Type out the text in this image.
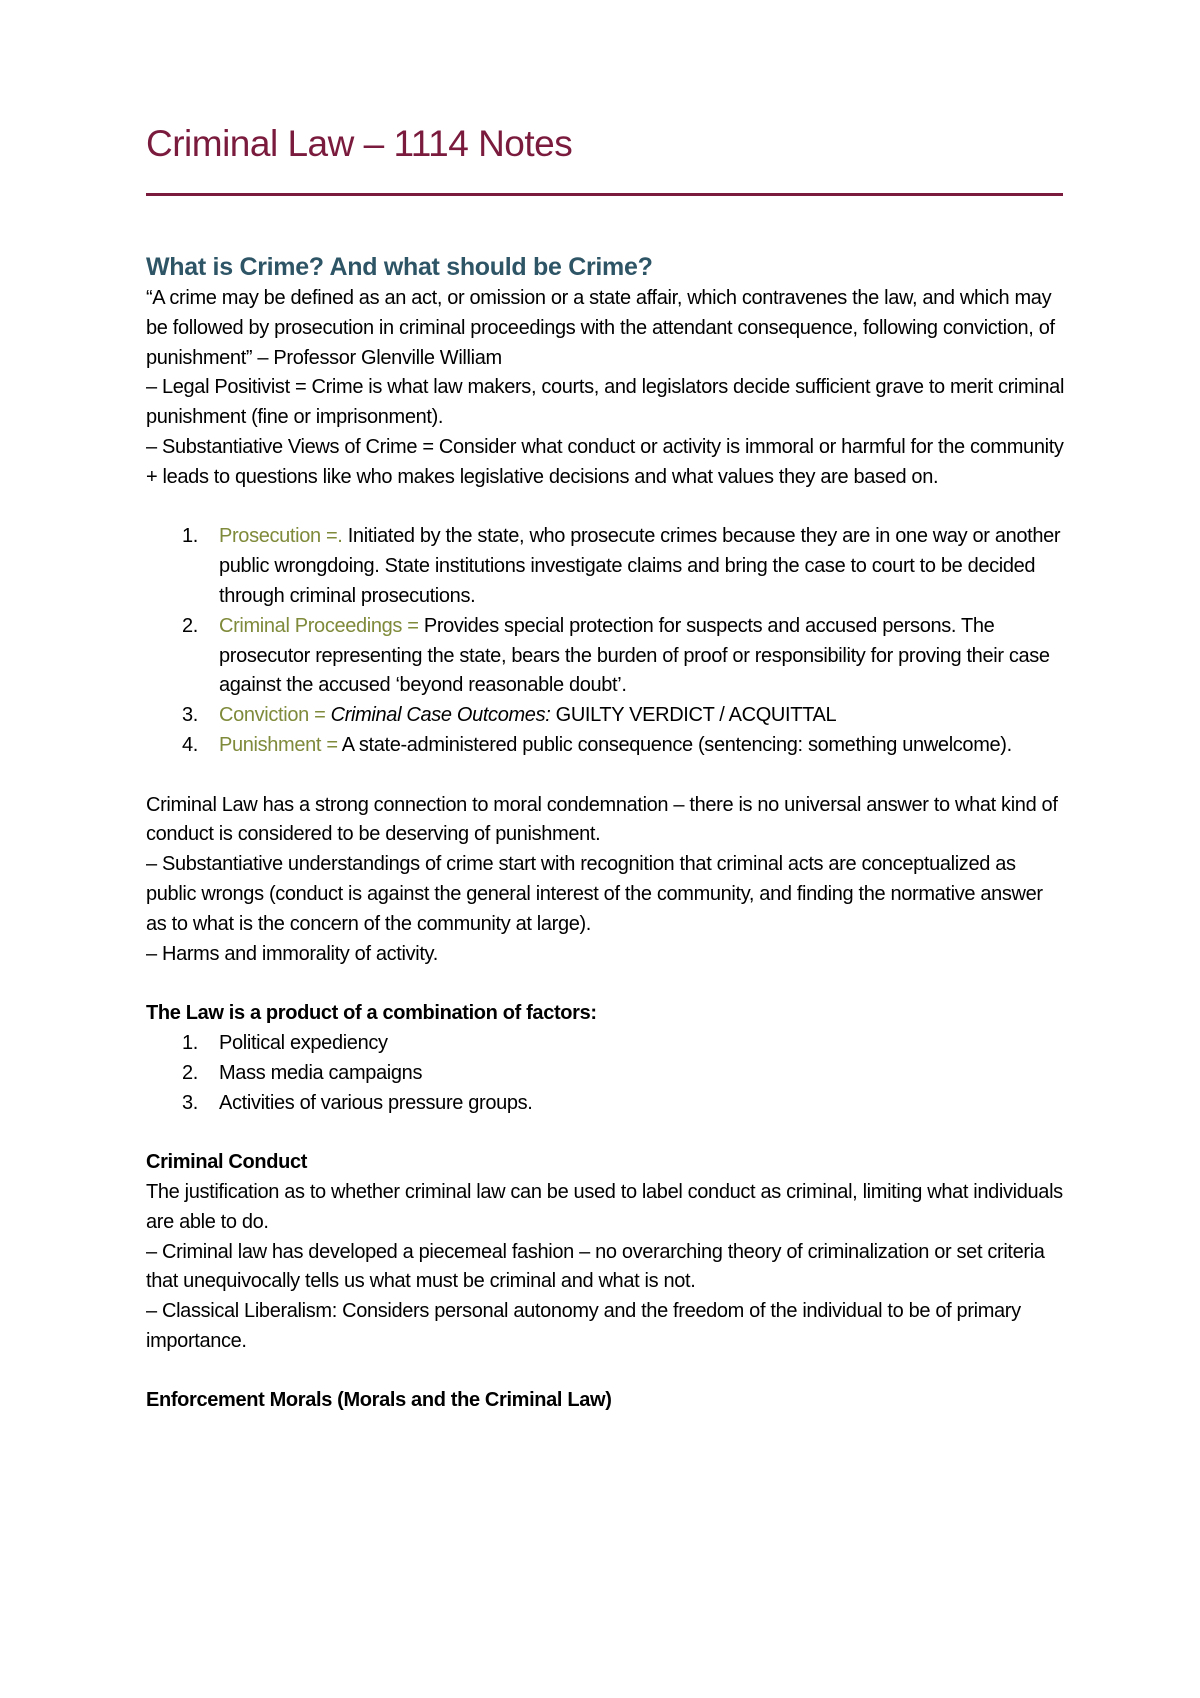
Criminal Law – 1114 Notes
What is Crime? And what should be Crime?

“A crime may be defined as an act, or omission or a state affair, which contravenes the law, and which may be followed by prosecution in criminal proceedings with the attendant consequence, following conviction, of punishment” – Professor Glenville William

– Legal Positivist = Crime is what law makers, courts, and legislators decide sufficient grave to merit criminal punishment (fine or imprisonment).

– Substantiative Views of Crime = Consider what conduct or activity is immoral or harmful for the community + leads to questions like who makes legislative decisions and what values they are based on.

1. Prosecution =. Initiated by the state, who prosecute crimes because they are in one way or another public wrongdoing. State institutions investigate claims and bring the case to court to be decided through criminal prosecutions.
2. Criminal Proceedings = Provides special protection for suspects and accused persons. The prosecutor representing the state, bears the burden of proof or responsibility for proving their case against the accused ‘beyond reasonable doubt’.
3. Conviction = Criminal Case Outcomes: GUILTY VERDICT / ACQUITTAL
4. Punishment = A state-administered public consequence (sentencing: something unwelcome).

Criminal Law has a strong connection to moral condemnation – there is no universal answer to what kind of conduct is considered to be deserving of punishment.

– Substantiative understandings of crime start with recognition that criminal acts are conceptualized as public wrongs (conduct is against the general interest of the community, and finding the normative answer as to what is the concern of the community at large).

– Harms and immorality of activity.

The Law is a product of a combination of factors:

1. Political expediency
2. Mass media campaigns
3. Activities of various pressure groups.

Criminal Conduct

The justification as to whether criminal law can be used to label conduct as criminal, limiting what individuals are able to do.

– Criminal law has developed a piecemeal fashion – no overarching theory of criminalization or set criteria that unequivocally tells us what must be criminal and what is not.

– Classical Liberalism: Considers personal autonomy and the freedom of the individual to be of primary importance.

Enforcement Morals (Morals and the Criminal Law)
